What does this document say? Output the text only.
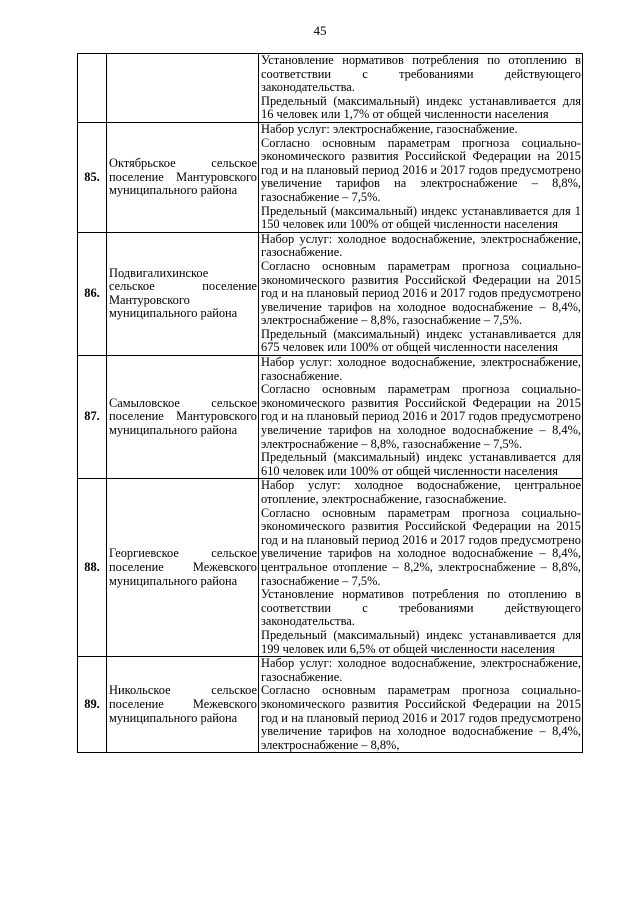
45

		Установление нормативов потребления по отоплению в соответствии с требованиями действующего законодательства.
Предельный (максимальный) индекс устанавливается для 16 человек или 1,7% от общей численности населения

85.	Октябрьское сельское поселение Мантуровского муниципального района	Набор услуг: электроснабжение, газоснабжение.
Согласно основным параметрам прогноза социально-экономического развития Российской Федерации на 2015 год и на плановый период 2016 и 2017 годов предусмотрено увеличение тарифов на электроснабжение – 8,8%, газоснабжение – 7,5%.
Предельный (максимальный) индекс устанавливается для 1 150 человек или 100% от общей численности населения

86.	Подвигалихинское сельское поселение Мантуровского муниципального района	Набор услуг: холодное водоснабжение, электроснабжение, газоснабжение.
Согласно основным параметрам прогноза социально-экономического развития Российской Федерации на 2015 год и на плановый период 2016 и 2017 годов предусмотрено увеличение тарифов на холодное водоснабжение – 8,4%, электроснабжение – 8,8%, газоснабжение – 7,5%.
Предельный (максимальный) индекс устанавливается для 675 человек или 100% от общей численности населения

87.	Самыловское сельское поселение Мантуровского муниципального района	Набор услуг: холодное водоснабжение, электроснабжение, газоснабжение.
Согласно основным параметрам прогноза социально-экономического развития Российской Федерации на 2015 год и на плановый период 2016 и 2017 годов предусмотрено увеличение тарифов на холодное водоснабжение – 8,4%, электроснабжение – 8,8%, газоснабжение – 7,5%.
Предельный (максимальный) индекс устанавливается для 610 человек или 100% от общей численности населения

88.	Георгиевское сельское поселение Межевского муниципального района	Набор услуг: холодное водоснабжение, центральное отопление, электроснабжение, газоснабжение.
Согласно основным параметрам прогноза социально-экономического развития Российской Федерации на 2015 год и на плановый период 2016 и 2017 годов предусмотрено увеличение тарифов на холодное водоснабжение – 8,4%, центральное отопление – 8,2%, электроснабжение – 8,8%, газоснабжение – 7,5%.
Установление нормативов потребления по отоплению в соответствии с требованиями действующего законодательства.
Предельный (максимальный) индекс устанавливается для 199 человек или 6,5% от общей численности населения

89.	Никольское сельское поселение Межевского муниципального района	Набор услуг: холодное водоснабжение, электроснабжение, газоснабжение.
Согласно основным параметрам прогноза социально-экономического развития Российской Федерации на 2015 год и на плановый период 2016 и 2017 годов предусмотрено увеличение тарифов на холодное водоснабжение – 8,4%, электроснабжение – 8,8%,
